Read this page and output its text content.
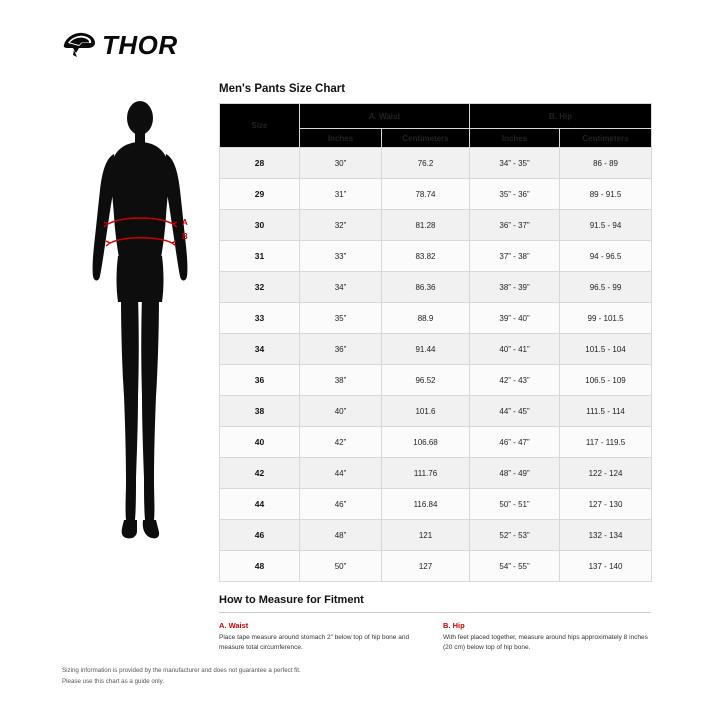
THOR
A
B
Men's Pants Size Chart
Size	A. Waist		B. Hip	
	Inches	Centimeters	Inches	Centimeters
28	30”	76.2	34” - 35”	86 - 89
29	31”	78.74	35” - 36”	89 - 91.5
30	32”	81.28	36” - 37”	91.5 - 94
31	33”	83.82	37” - 38”	94 - 96.5
32	34”	86.36	38” - 39”	96.5 - 99
33	35”	88.9	39” - 40”	99 - 101.5
34	36”	91.44	40” - 41”	101.5 - 104
36	38”	96.52	42” - 43”	106.5 - 109
38	40”	101.6	44” - 45”	111.5 - 114
40	42”	106.68	46” - 47”	117 - 119.5
42	44”	111.76	48” - 49”	122 - 124
44	46”	116.84	50” - 51”	127 - 130
46	48”	121	52” - 53”	132 - 134
48	50”	127	54” - 55”	137 - 140
How to Measure for Fitment
A. Waist
Place tape measure around stomach 2” below top of hip bone and measure total circumference.
B. Hip
With feet placed together, measure around hips approximately 8 inches (20 cm) below top of hip bone.
Sizing information is provided by the manufacturer and does not guarantee a perfect fit.
Please use this chart as a guide only.
